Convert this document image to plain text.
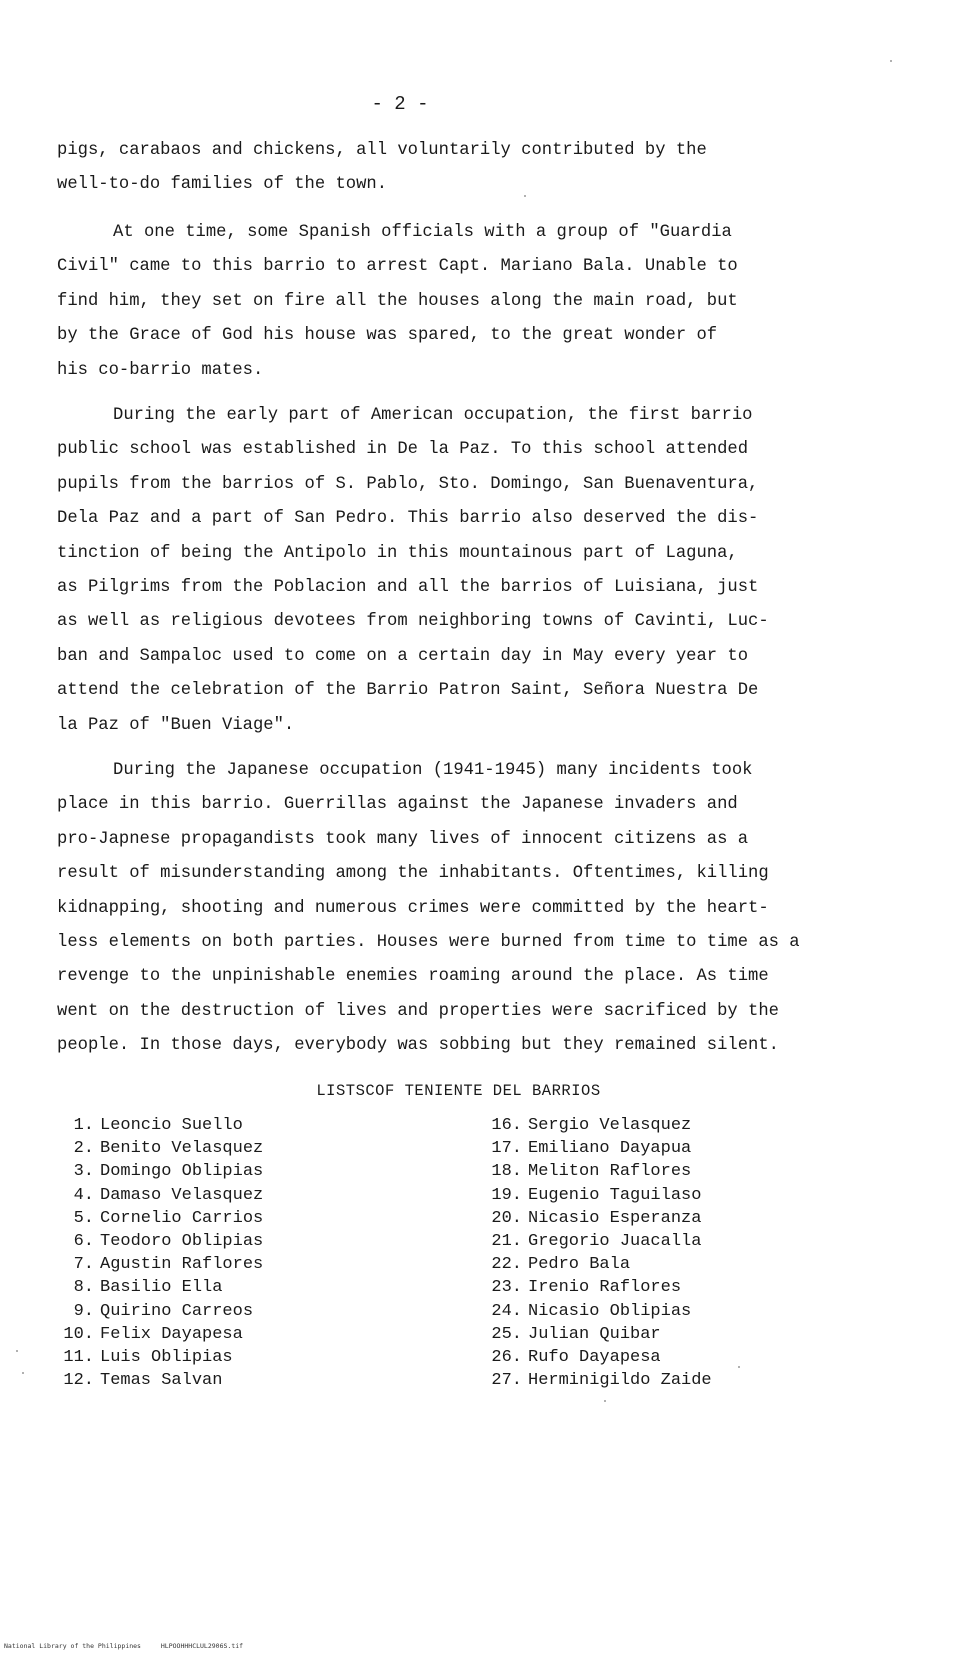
- 2 -
pigs, carabaos and chickens, all voluntarily contributed by the
well-to-do families of the town.
At one time, some Spanish officials with a group of "Guardia
Civil" came to this barrio to arrest Capt. Mariano Bala. Unable to
find him, they set on fire all the houses along the main road, but
by the Grace of God his house was spared, to the great wonder of
his co-barrio mates.
During the early part of American occupation, the first barrio
public school was established in De la Paz. To this school attended
pupils from the barrios of S. Pablo, Sto. Domingo, San Buenaventura,
Dela Paz and a part of San Pedro. This barrio also deserved the dis-
tinction of being the Antipolo in this mountainous part of Laguna,
as Pilgrims from the Poblacion and all the barrios of Luisiana, just
as well as religious devotees from neighboring towns of Cavinti, Luc-
ban and Sampaloc used to come on a certain day in May every year to
attend the celebration of the Barrio Patron Saint, Señora Nuestra De
la Paz of "Buen Viage".
During the Japanese occupation (1941-1945) many incidents took
place in this barrio. Guerrillas against the Japanese invaders and
pro-Japnese propagandists took many lives of innocent citizens as a
result of misunderstanding among the inhabitants. Oftentimes, killing
kidnapping, shooting and numerous crimes were committed by the heart-
less elements on both parties. Houses were burned from time to time as a
revenge to the unpinishable enemies roaming around the place. As time
went on the destruction of lives and properties were sacrificed by the
people. In those days, everybody was sobbing but they remained silent.
LISTSCOF TENIENTE DEL BARRIOS
1. Leoncio Suello
2. Benito Velasquez
3. Domingo Oblipias
4. Damaso Velasquez
5. Cornelio Carrios
6. Teodoro Oblipias
7. Agustin Raflores
8. Basilio Ella
9. Quirino Carreos
10. Felix Dayapesa
11. Luis Oblipias
12. Temas Salvan
16. Sergio Velasquez
17. Emiliano Dayapua
18. Meliton Raflores
19. Eugenio Taguilaso
20. Nicasio Esperanza
21. Gregorio Juacalla
22. Pedro Bala
23. Irenio Raflores
24. Nicasio Oblipias
25. Julian Quibar
26. Rufo Dayapesa
27. Herminigildo Zaide
National Library of the Philippines	HLPOOHHHCLUL2906S.tif
